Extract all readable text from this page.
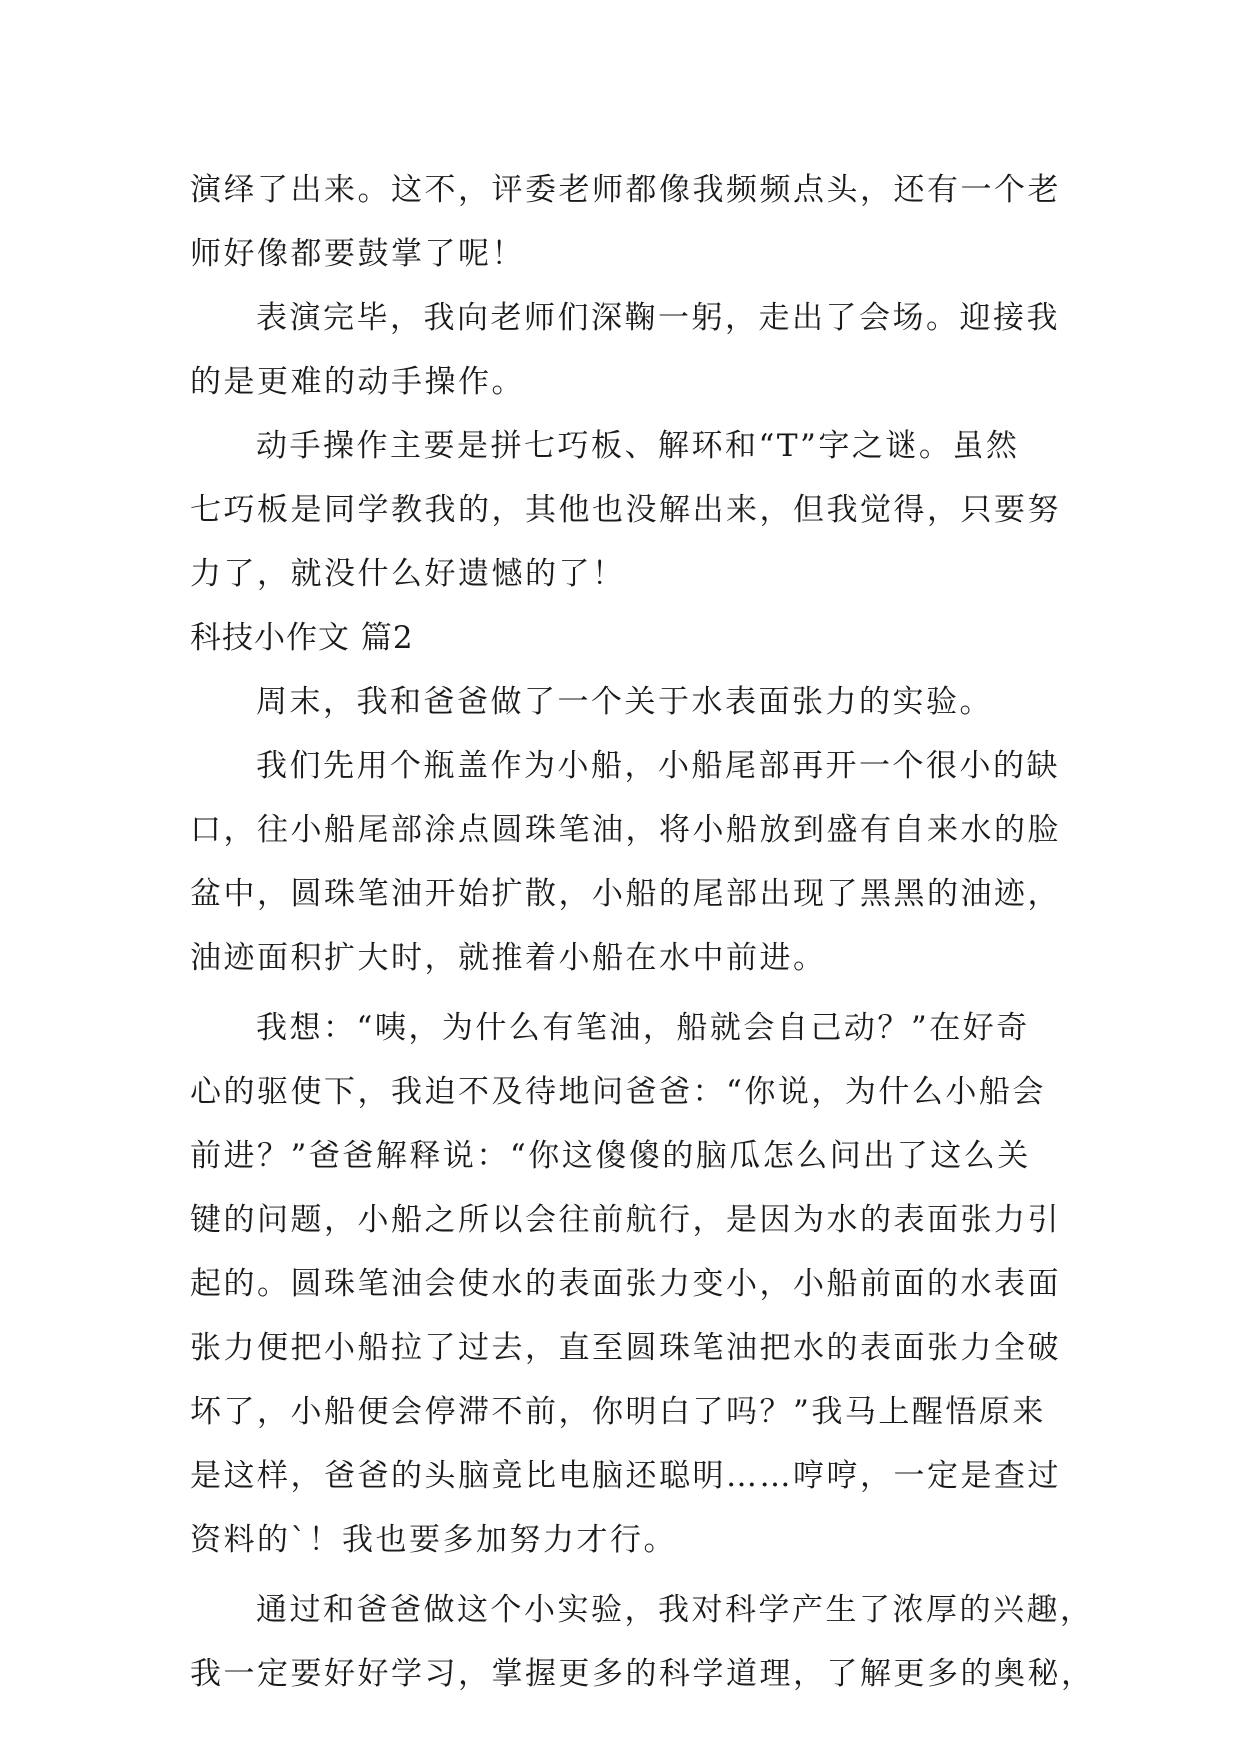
演绎了出来。这不，评委老师都像我频频点头，还有一个老
师好像都要鼓掌了呢！
表演完毕，我向老师们深鞠一躬，走出了会场。迎接我
的是更难的动手操作。
动手操作主要是拼七巧板、解环和“T”字之谜。虽然
七巧板是同学教我的，其他也没解出来，但我觉得，只要努
力了，就没什么好遗憾的了！
科技小作文 篇2
周末，我和爸爸做了一个关于水表面张力的实验。
我们先用个瓶盖作为小船，小船尾部再开一个很小的缺
口，往小船尾部涂点圆珠笔油，将小船放到盛有自来水的脸
盆中，圆珠笔油开始扩散，小船的尾部出现了黑黑的油迹，
油迹面积扩大时，就推着小船在水中前进。
我想：“咦，为什么有笔油，船就会自己动？”在好奇
心的驱使下，我迫不及待地问爸爸：“你说，为什么小船会
前进？”爸爸解释说：“你这傻傻的脑瓜怎么问出了这么关
键的问题，小船之所以会往前航行，是因为水的表面张力引
起的。圆珠笔油会使水的表面张力变小，小船前面的水表面
张力便把小船拉了过去，直至圆珠笔油把水的表面张力全破
坏了，小船便会停滞不前，你明白了吗？”我马上醒悟原来
是这样，爸爸的头脑竟比电脑还聪明……哼哼，一定是查过
资料的`！我也要多加努力才行。
通过和爸爸做这个小实验，我对科学产生了浓厚的兴趣，
我一定要好好学习，掌握更多的科学道理，了解更多的奥秘，
